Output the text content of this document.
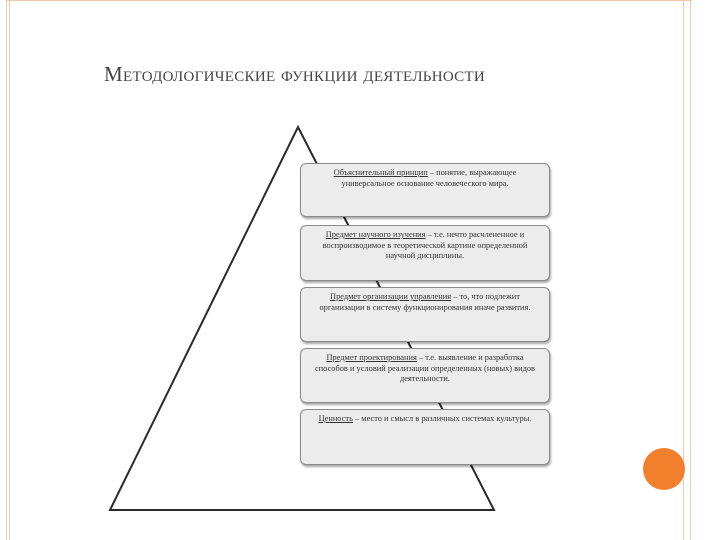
Методологические функции деятельности
Объяснительный принцип – понятие, выражающее универсальное основание человеческого мира.
Предмет научного изучения – т.е. нечто расчлененное и воспроизводимое в теоретической картине определенной научной дисциплины.
Предмет организации управления – то, что подлежит организации в систему функционирования иначе развития.
Предмет проектирования – т.е. выявление и разработка способов и условий реализации определенных (новых) видов деятельности.
Ценность – место и смысл в различных системах культуры.
